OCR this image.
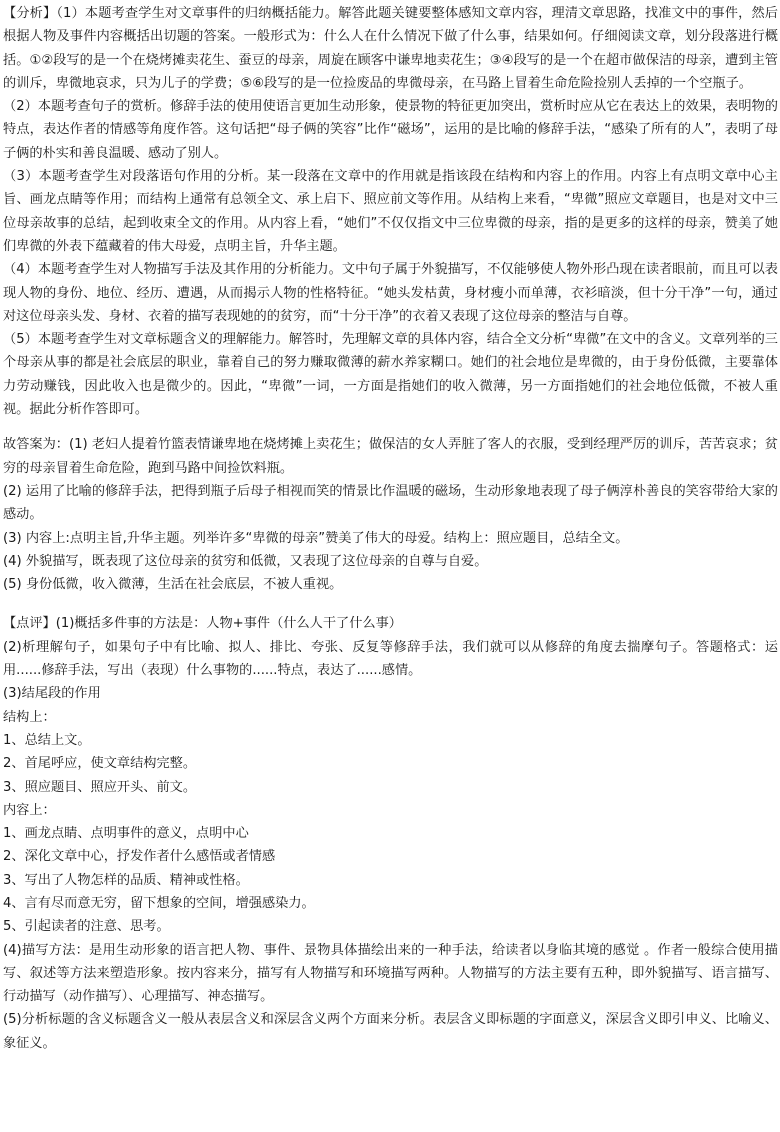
【分析】（1）本题考查学生对文章事件的归纳概括能力。解答此题关键要整体感知文章内容，理清文章思路，找准文中的事件，然后根据人物及事件内容概括出切题的答案。一般形式为：什么人在什么情况下做了什么事，结果如何。仔细阅读文章，划分段落进行概括。①②段写的是一个在烧烤摊卖花生、蚕豆的母亲，周旋在顾客中谦卑地卖花生；③④段写的是一个在超市做保洁的母亲，遭到主管的训斥，卑微地哀求，只为儿子的学费；⑤⑥段写的是一位捡废品的卑微母亲，在马路上冒着生命危险捡别人丢掉的一个空瓶子。

（2）本题考查句子的赏析。修辞手法的使用使语言更加生动形象，使景物的特征更加突出，赏析时应从它在表达上的效果，表明物的特点，表达作者的情感等角度作答。这句话把“母子俩的笑容”比作“磁场”，运用的是比喻的修辞手法，“感染了所有的人”，表明了母子俩的朴实和善良温暖、感动了别人。

（3）本题考查学生对段落语句作用的分析。某一段落在文章中的作用就是指该段在结构和内容上的作用。内容上有点明文章中心主旨、画龙点睛等作用；而结构上通常有总领全文、承上启下、照应前文等作用。从结构上来看，“卑微”照应文章题目，也是对文中三位母亲故事的总结，起到收束全文的作用。从内容上看，“她们”不仅仅指文中三位卑微的母亲，指的是更多的这样的母亲，赞美了她们卑微的外表下蕴藏着的伟大母爱，点明主旨，升华主题。

（4）本题考查学生对人物描写手法及其作用的分析能力。文中句子属于外貌描写，不仅能够使人物外形凸现在读者眼前，而且可以表现人物的身份、地位、经历、遭遇，从而揭示人物的性格特征。“她头发枯黄，身材瘦小而单薄，衣衫暗淡，但十分干净”一句，通过对这位母亲头发、身材、衣着的描写表现她的的贫穷，而“十分干净”的衣着又表现了这位母亲的整洁与自尊。

（5）本题考查学生对文章标题含义的理解能力。解答时，先理解文章的具体内容，结合全文分析“卑微”在文中的含义。文章列举的三个母亲从事的都是社会底层的职业，靠着自己的努力赚取微薄的薪水养家糊口。她们的社会地位是卑微的，由于身份低微，主要靠体力劳动赚钱，因此收入也是微少的。因此，“卑微”一词，一方面是指她们的收入微薄，另一方面指她们的社会地位低微，不被人重视。据此分析作答即可。

故答案为：(1) 老妇人提着竹篮表情谦卑地在烧烤摊上卖花生；做保洁的女人弄脏了客人的衣服，受到经理严厉的训斥，苦苦哀求；贫穷的母亲冒着生命危险，跑到马路中间捡饮料瓶。

(2) 运用了比喻的修辞手法，把得到瓶子后母子相视而笑的情景比作温暖的磁场，生动形象地表现了母子俩淳朴善良的笑容带给大家的感动。

(3) 内容上:点明主旨,升华主题。列举许多“卑微的母亲”赞美了伟大的母爱。结构上：照应题目，总结全文。

(4) 外貌描写，既表现了这位母亲的贫穷和低微，又表现了这位母亲的自尊与自爱。

(5) 身份低微，收入微薄，生活在社会底层，不被人重视。

【点评】(1)概括多件事的方法是：人物+事件（什么人干了什么事）

(2)析理解句子，如果句子中有比喻、拟人、排比、夸张、反复等修辞手法，我们就可以从修辞的角度去揣摩句子。答题格式：运用......修辞手法，写出（表现）什么事物的......特点，表达了......感情。

(3)结尾段的作用

结构上：

1、总结上文。

2、首尾呼应，使文章结构完整。

3、照应题目、照应开头、前文。

内容上：

1、画龙点睛、点明事件的意义，点明中心

2、深化文章中心，抒发作者什么感悟或者情感

3、写出了人物怎样的品质、精神或性格。

4、言有尽而意无穷，留下想象的空间，增强感染力。

5、引起读者的注意、思考。

(4)描写方法：是用生动形象的语言把人物、事件、景物具体描绘出来的一种手法，给读者以身临其境的感觉 。作者一般综合使用描写、叙述等方法来塑造形象。按内容来分，描写有人物描写和环境描写两种。人物描写的方法主要有五种，即外貌描写、语言描写、行动描写（动作描写）、心理描写、神态描写。

(5)分析标题的含义标题含义一般从表层含义和深层含义两个方面来分析。表层含义即标题的字面意义，深层含义即引申义、比喻义、象征义。
